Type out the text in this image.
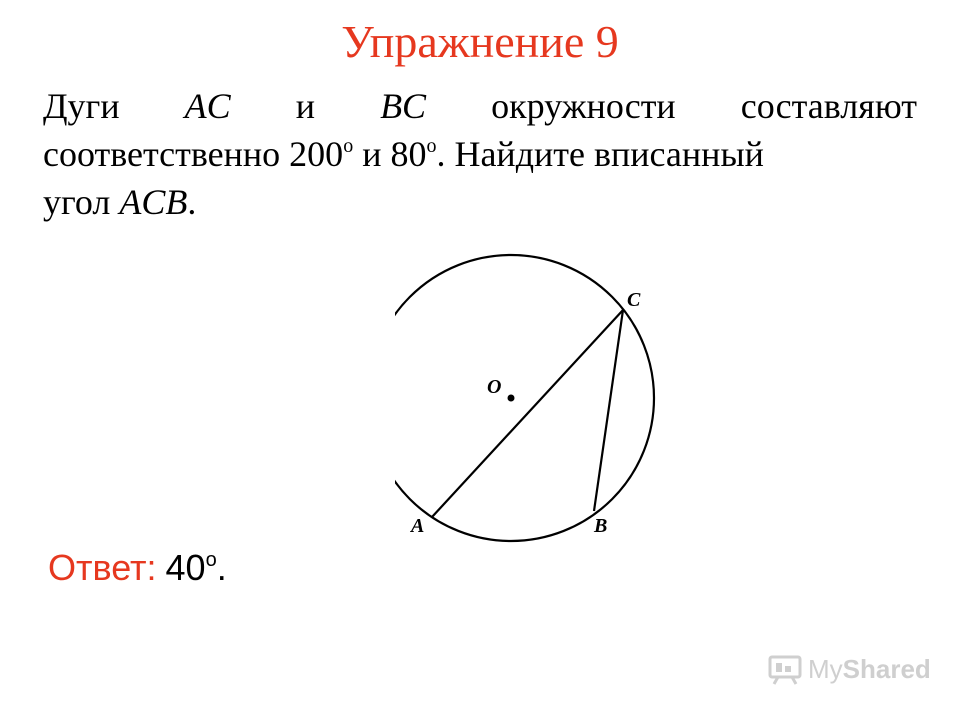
Упражнение 9
Дуги AC и BC окружности составляют
соответственно $200^о$ и $80^о$. Найдите вписанный
угол ACB.
O
A	B
C
Ответ: $40^о$.
MyShared
